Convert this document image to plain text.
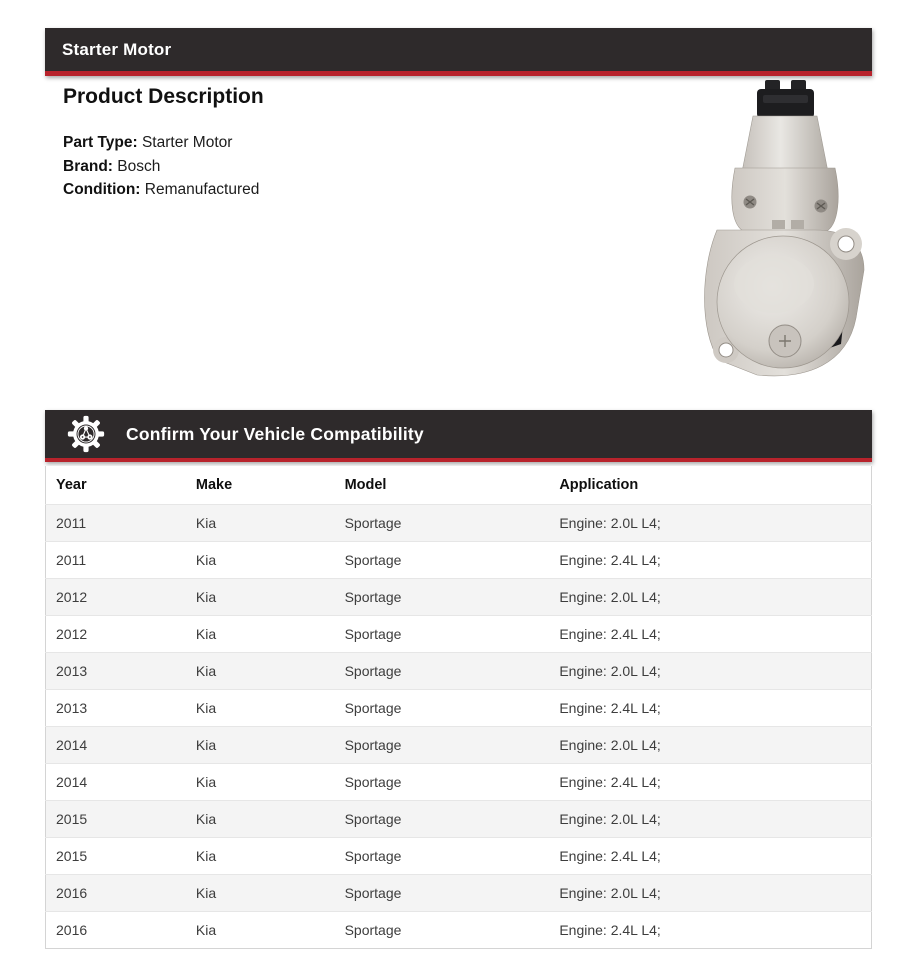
Starter Motor
Product Description
Part Type: Starter Motor
Brand: Bosch
Condition: Remanufactured
Confirm Your Vehicle Compatibility
Year	Make	Model	Application
2011	Kia	Sportage	Engine: 2.0L L4;
2011	Kia	Sportage	Engine: 2.4L L4;
2012	Kia	Sportage	Engine: 2.0L L4;
2012	Kia	Sportage	Engine: 2.4L L4;
2013	Kia	Sportage	Engine: 2.0L L4;
2013	Kia	Sportage	Engine: 2.4L L4;
2014	Kia	Sportage	Engine: 2.0L L4;
2014	Kia	Sportage	Engine: 2.4L L4;
2015	Kia	Sportage	Engine: 2.0L L4;
2015	Kia	Sportage	Engine: 2.4L L4;
2016	Kia	Sportage	Engine: 2.0L L4;
2016	Kia	Sportage	Engine: 2.4L L4;
